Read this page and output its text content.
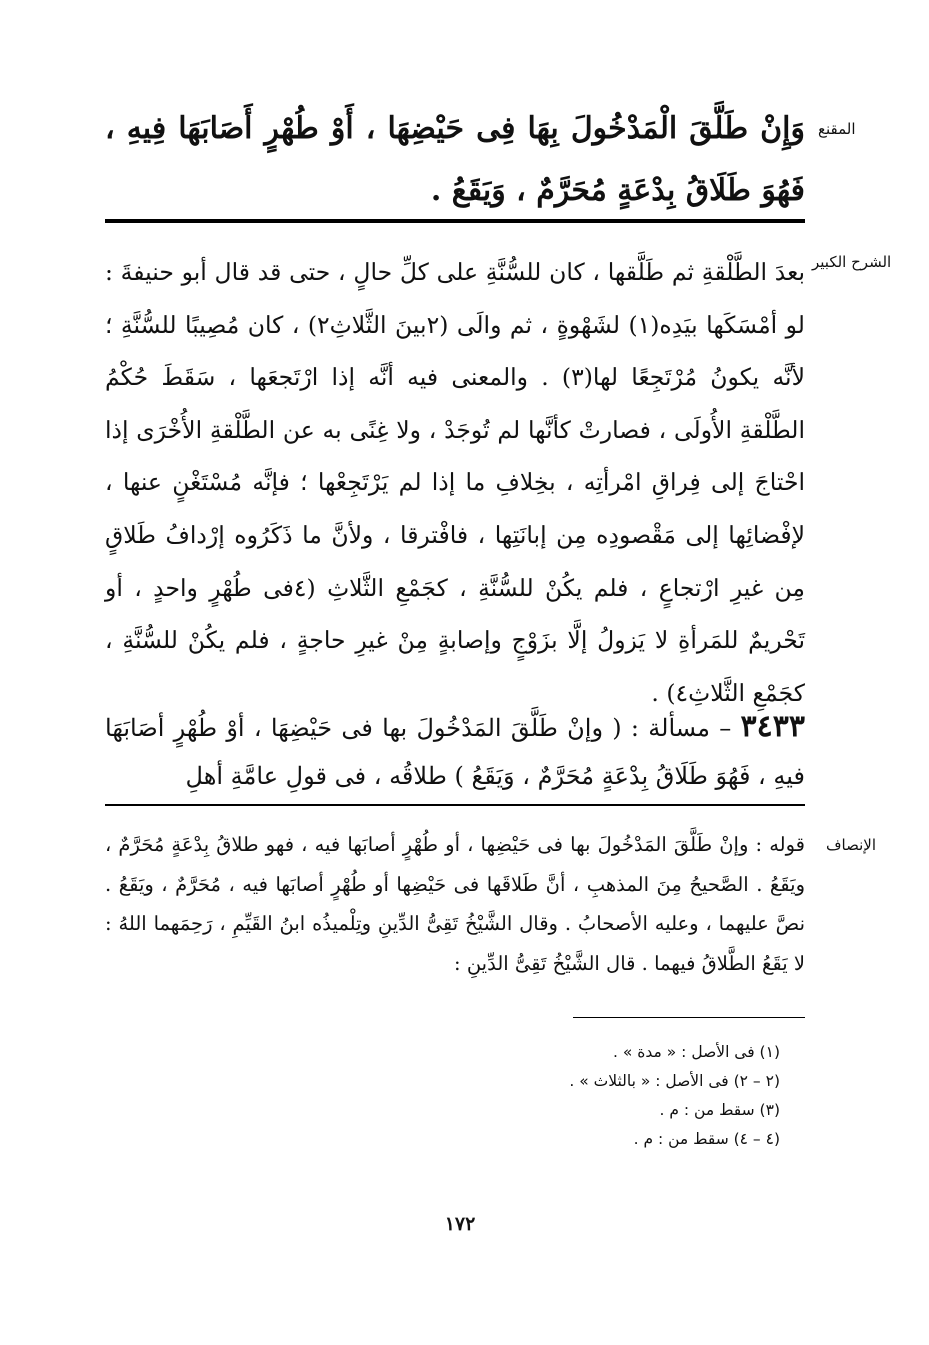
المقنع

وَإِنْ طَلَّقَ الْمَدْخُولَ بِهَا فِى حَيْضِهَا ، أَوْ طُهْرٍ أَصَابَهَا فِيهِ ، فَهُوَ طَلَاقُ بِدْعَةٍ مُحَرَّمٌ ، وَيَقَعُ .

الشرح الكبير

بعدَ الطَّلْقةِ ثم طَلَّقها ، كان للسُّنَّةِ على كلِّ حالٍ ، حتى قد قال أبو حنيفةَ : لو أمْسَكَها بيَدِه(١) لشَهْوةٍ ، ثم والَى (٢بينَ الثَّلاثِ٢) ، كان مُصِيبًا للسُّنَّةِ ؛ لأنَّه يكونُ مُرْتَجِعًا لها(٣) . والمعنى فيه أنَّه إذا ارْتَجعَها ، سَقَطَ حُكْمُ الطَّلْقةِ الأُولَى ، فصارتْ كأنَّها لم تُوجَدْ ، ولا غِنًى به عن الطَّلْقةِ الأُخْرَى إذا احْتاجَ إلى فِراقِ امْرأتِه ، بخِلافِ ما إذا لم يَرْتَجِعْها ؛ فإنَّه مُسْتَغْنٍ عنها ، لإفْضائِها إلى مَقْصودِه مِن إبانَتِها ، فافْترقا ، ولأنَّ ما ذَكَرُوه إرْدافُ طَلاقٍ مِن غيرِ ارْتجاعٍ ، فلم يكُنْ للسُّنَّةِ ، كجَمْعِ الثَّلاثِ (٤فى طُهْرٍ واحدٍ ، أو تَحْريمٌ للمَرأةِ لا يَزولُ إلَّا بزَوْجٍ وإصابةٍ مِنْ غيرِ حاجةٍ ، فلم يكُنْ للسُّنَّةِ ، كجَمْعِ الثَّلاثِ٤) .

٣٤٣٣ – مسألة : ( وإنْ طَلَّقَ المَدْخُولَ بها فى حَيْضِهَا ، أوْ طُهْرٍ أصَابَهَا فيهِ ، فَهُوَ طَلَاقُ بِدْعَةٍ مُحَرَّمٌ ، وَيَقَعُ ) طلاقُه ، فى قولِ عامَّةِ أهلِ

الإنصاف

قوله : وإنْ طَلَّقَ المَدْخُولَ بها فى حَيْضِها ، أو طُهْرٍ أصابَها فيه ، فهو طلاقُ بِدْعَةٍ مُحَرَّمٌ ، ويَقَعُ . الصَّحيحُ مِنَ المذهبِ ، أنَّ طَلاقَها فى حَيْضِها أو طُهْرٍ أصابَها فيه ، مُحَرَّمٌ ، ويَقَعُ . نصَّ عليهما ، وعليه الأصحابُ . وقال الشَّيْخُ تَقِىُّ الدِّينِ وتِلْميذُه ابنُ القَيِّمِ ، رَحِمَهما اللهُ : لا يَقَعُ الطَّلاقُ فيهما . قال الشَّيْخُ تَقِىُّ الدِّينِ :

(١) فى الأصل : « مدة » .
(٢ – ٢) فى الأصل : « بالثلاث » .
(٣) سقط من : م .
(٤ – ٤) سقط من : م .
١٧٢
